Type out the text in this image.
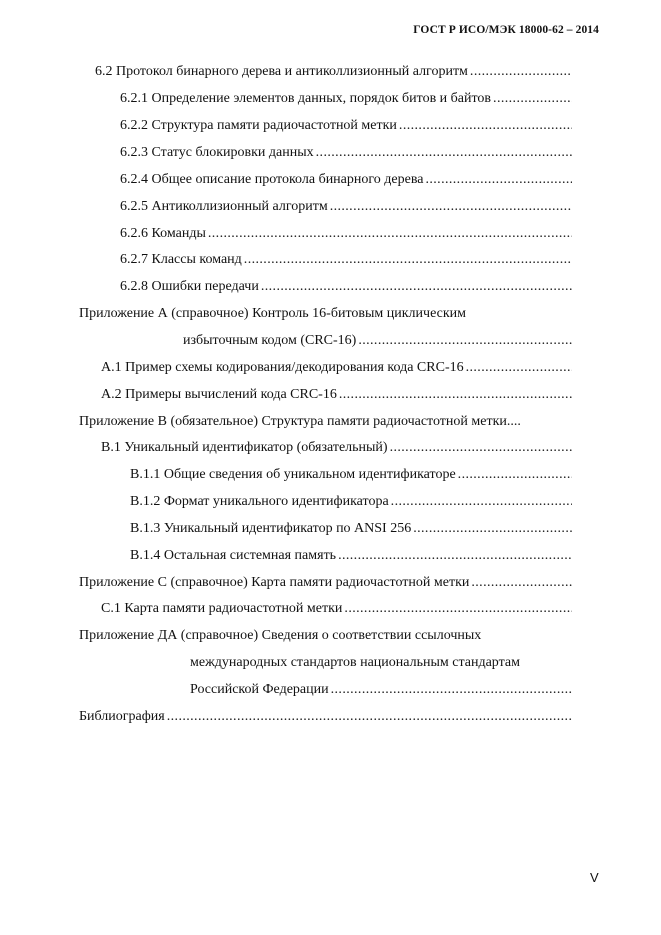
ГОСТ Р ИСО/МЭК 18000-62 – 2014
6.2 Протокол бинарного дерева и антиколлизионный алгоритм
.....
6.2.1 Определение элементов данных, порядок битов и байтов
.....
6.2.2 Структура памяти радиочастотной метки
.....
6.2.3 Статус блокировки данных
.....
6.2.4 Общее описание протокола бинарного дерева
.....
6.2.5 Антиколлизионный алгоритм
.....
6.2.6 Команды
.....
6.2.7 Классы команд
.....
6.2.8 Ошибки передачи
.....
Приложение А (справочное) Контроль 16-битовым циклическим
избыточным кодом (CRC-16)
.....
А.1 Пример схемы кодирования/декодирования кода CRC-16
.....
А.2 Примеры вычислений кода CRC-16
.....
Приложение В (обязательное) Структура памяти радиочастотной метки....
В.1 Уникальный идентификатор (обязательный)
.....
В.1.1 Общие сведения об уникальном идентификаторе
.....
В.1.2 Формат уникального идентификатора
.....
В.1.3 Уникальный идентификатор по ANSI 256
.....
В.1.4 Остальная системная память
.....
Приложение С (справочное) Карта памяти радиочастотной метки
.....
С.1 Карта памяти радиочастотной метки
.....
Приложение ДА (справочное) Сведения о соответствии ссылочных
международных стандартов национальным стандартам
Российской Федерации
.....
Библиография
.....
V
